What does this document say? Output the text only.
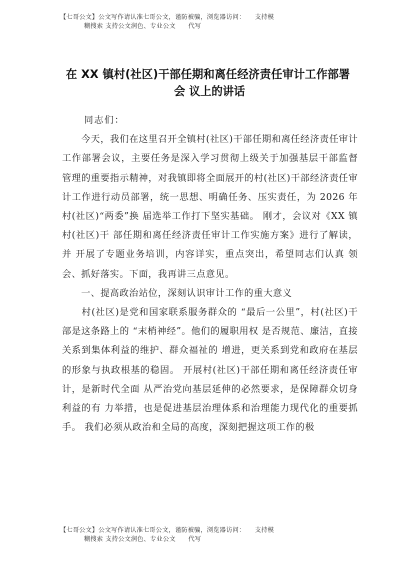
【七哥公文】公文写作请认准七哥公文，谨防被骗，浏览器访问：　　支持模
糊搜索 支持公文润色、专业公文　　代写
在 XX 镇村(社区)干部任期和离任经济责任审计工作部署
会 议上的讲话
同志们：

　　今天，我们在这里召开全镇村(社区)干部任期和离任经济责任审计工作部署会议，主要任务是深入学习贯彻上级关于加强基层干部监督管理的重要指示精神，对我镇即将全面展开的村(社区)干部经济责任审计工作进行动员部署，统一思想、明确任务、压实责任，为 2026 年村(社区)“两委”换 届选举工作打下坚实基础。 刚才，会议对《XX 镇村(社区)干 部任期和离任经济责任审计工作实施方案》进行了解读，并 开展了专题业务培训，内容详实，重点突出，希望同志们认真 领会、抓好落实。下面，我再讲三点意见。

　　一、提高政治站位，深刻认识审计工作的重大意义

　　村(社区)是党和国家联系服务群众的 “最后一公里”，村(社区)干部是这条路上的 “末梢神经”。他们的履职用权 是否规范、廉洁，直接关系到集体利益的维护、群众福祉的 增进，更关系到党和政府在基层的形象与执政根基的稳固。 开展村(社区)干部任期和离任经济责任审计，是新时代全面 从严治党向基层延伸的必然要求，是保障群众切身利益的有 力举措，也是促进基层治理体系和治理能力现代化的重要抓 手。 我们必须从政治和全局的高度，深刻把握这项工作的极

【七哥公文】公文写作请认准七哥公文，谨防被骗，浏览器访问：　　支持模
糊搜索 支持公文润色、专业公文　　代写
